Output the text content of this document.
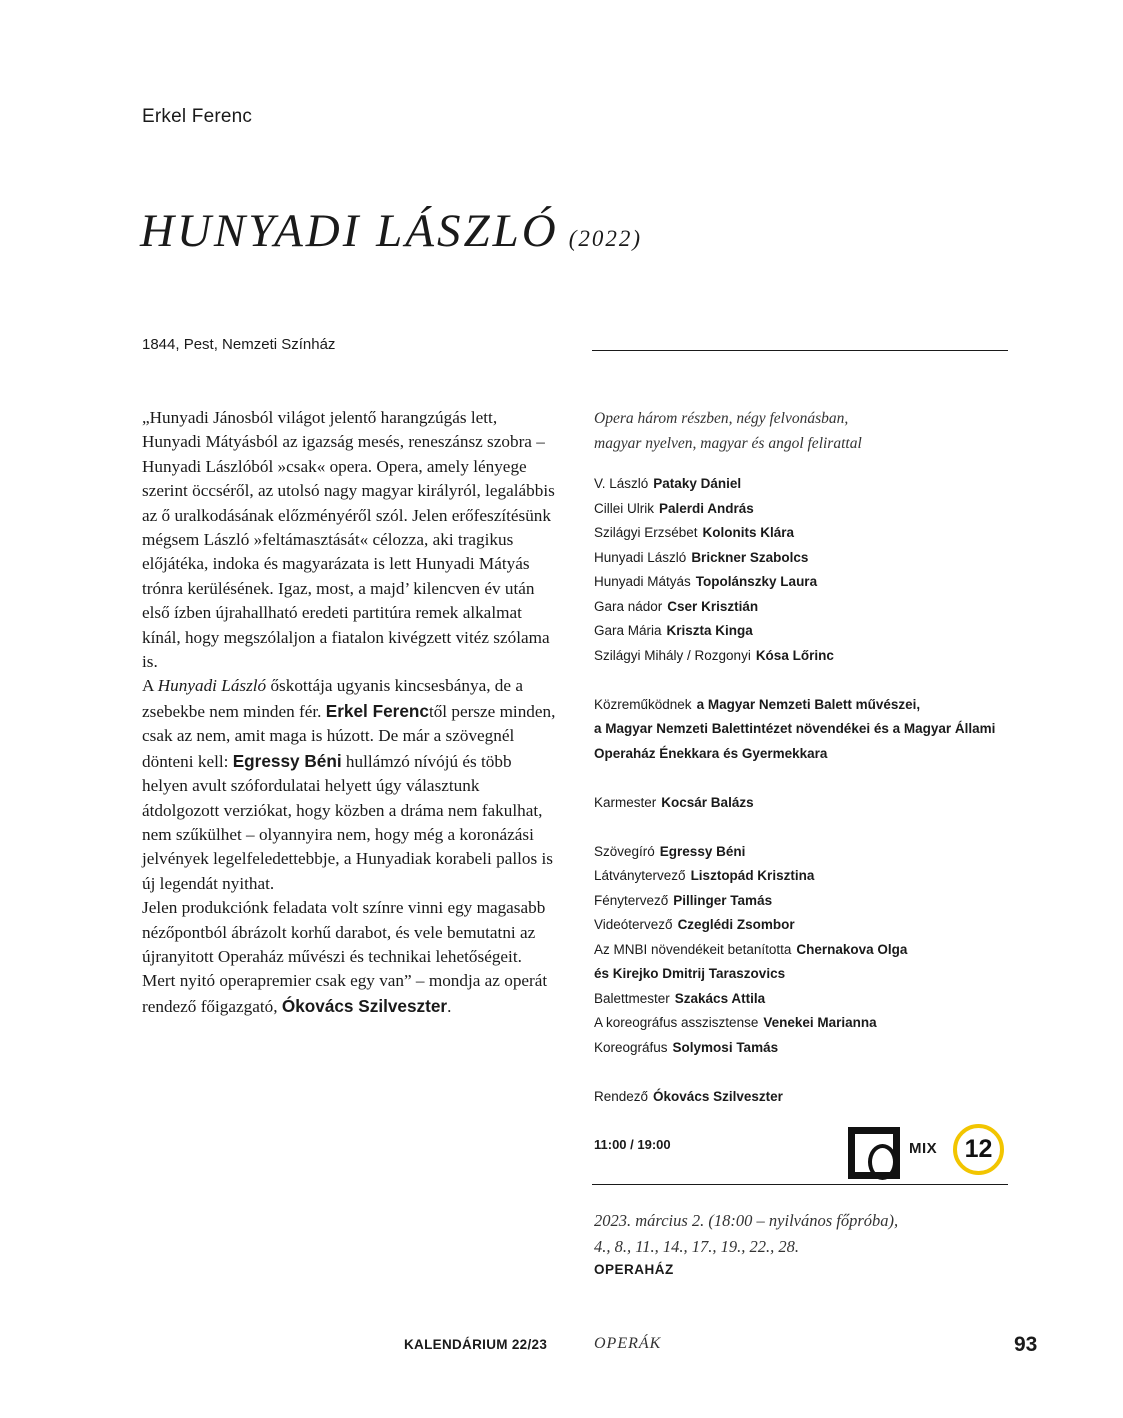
Erkel Ferenc
HUNYADI LÁSZLÓ (2022)
1844, Pest, Nemzeti Színház

„Hunyadi Jánosból világot jelentő harangzúgás lett, Hunyadi Mátyásból az igazság mesés, reneszánsz szobra – Hunyadi Lászlóból »csak« opera. Opera, amely lényege szerint öccséről, az utolsó nagy magyar királyról, legalábbis az ő uralkodásának előzményéről szól. Jelen erőfeszítésünk mégsem László »feltámasztását« célozza, aki tragikus előjátéka, indoka és magyarázata is lett Hunyadi Mátyás trónra kerülésének. Igaz, most, a majd’ kilencven év után első ízben újrahallható eredeti partitúra remek alkalmat kínál, hogy megszólaljon a fiatalon kivégzett vitéz szólama is.

A Hunyadi László őskottája ugyanis kincsesbánya, de a zsebekbe nem minden fér. Erkel Ferenctől persze minden, csak az nem, amit maga is húzott. De már a szövegnél dönteni kell: Egressy Béni hullámzó nívójú és több helyen avult szófordulatai helyett úgy választunk átdolgozott verziókat, hogy közben a dráma nem fakulhat, nem szűkülhet – olyannyira nem, hogy még a koronázási jelvények legelfeledettebbje, a Hunyadiak korabeli pallos is új legendát nyithat.

Jelen produkciónk feladata volt színre vinni egy magasabb nézőpontból ábrázolt korhű darabot, és vele bemutatni az újranyitott Operaház művészi és technikai lehetőségeit. Mert nyitó operapremier csak egy van” – mondja az operát rendező főigazgató, Ókovács Szilveszter.

Opera három részben, négy felvonásban,
magyar nyelven, magyar és angol felirattal
V. László Pataky Dániel
Cillei Ulrik Palerdi András
Szilágyi Erzsébet Kolonits Klára
Hunyadi László Brickner Szabolcs
Hunyadi Mátyás Topolánszky Laura
Gara nádor Cser Krisztián
Gara Mária Kriszta Kinga
Szilágyi Mihály / Rozgonyi Kósa Lőrinc
Közreműködnek a Magyar Nemzeti Balett művészei,
a Magyar Nemzeti Balettintézet növendékei és a Magyar Állami
Operaház Énekkara és Gyermekkara
Karmester Kocsár Balázs
Szövegíró Egressy Béni
Látványtervező Lisztopád Krisztina
Fénytervező Pillinger Tamás
Videótervező Czeglédi Zsombor
Az MNBI növendékeit betanította Chernakova Olga
és Kirejko Dmitrij Taraszovics
Balettmester Szakács Attila
A koreográfus asszisztense Venekei Marianna
Koreográfus Solymosi Tamás
Rendező Ókovács Szilveszter
11:00 / 19:00	MIX	12
2023. március 2. (18:00 – nyilvános főpróba),
4., 8., 11., 14., 17., 19., 22., 28.
OPERAHÁZ
KALENDÁRIUM 22/23	OPERÁK	93
